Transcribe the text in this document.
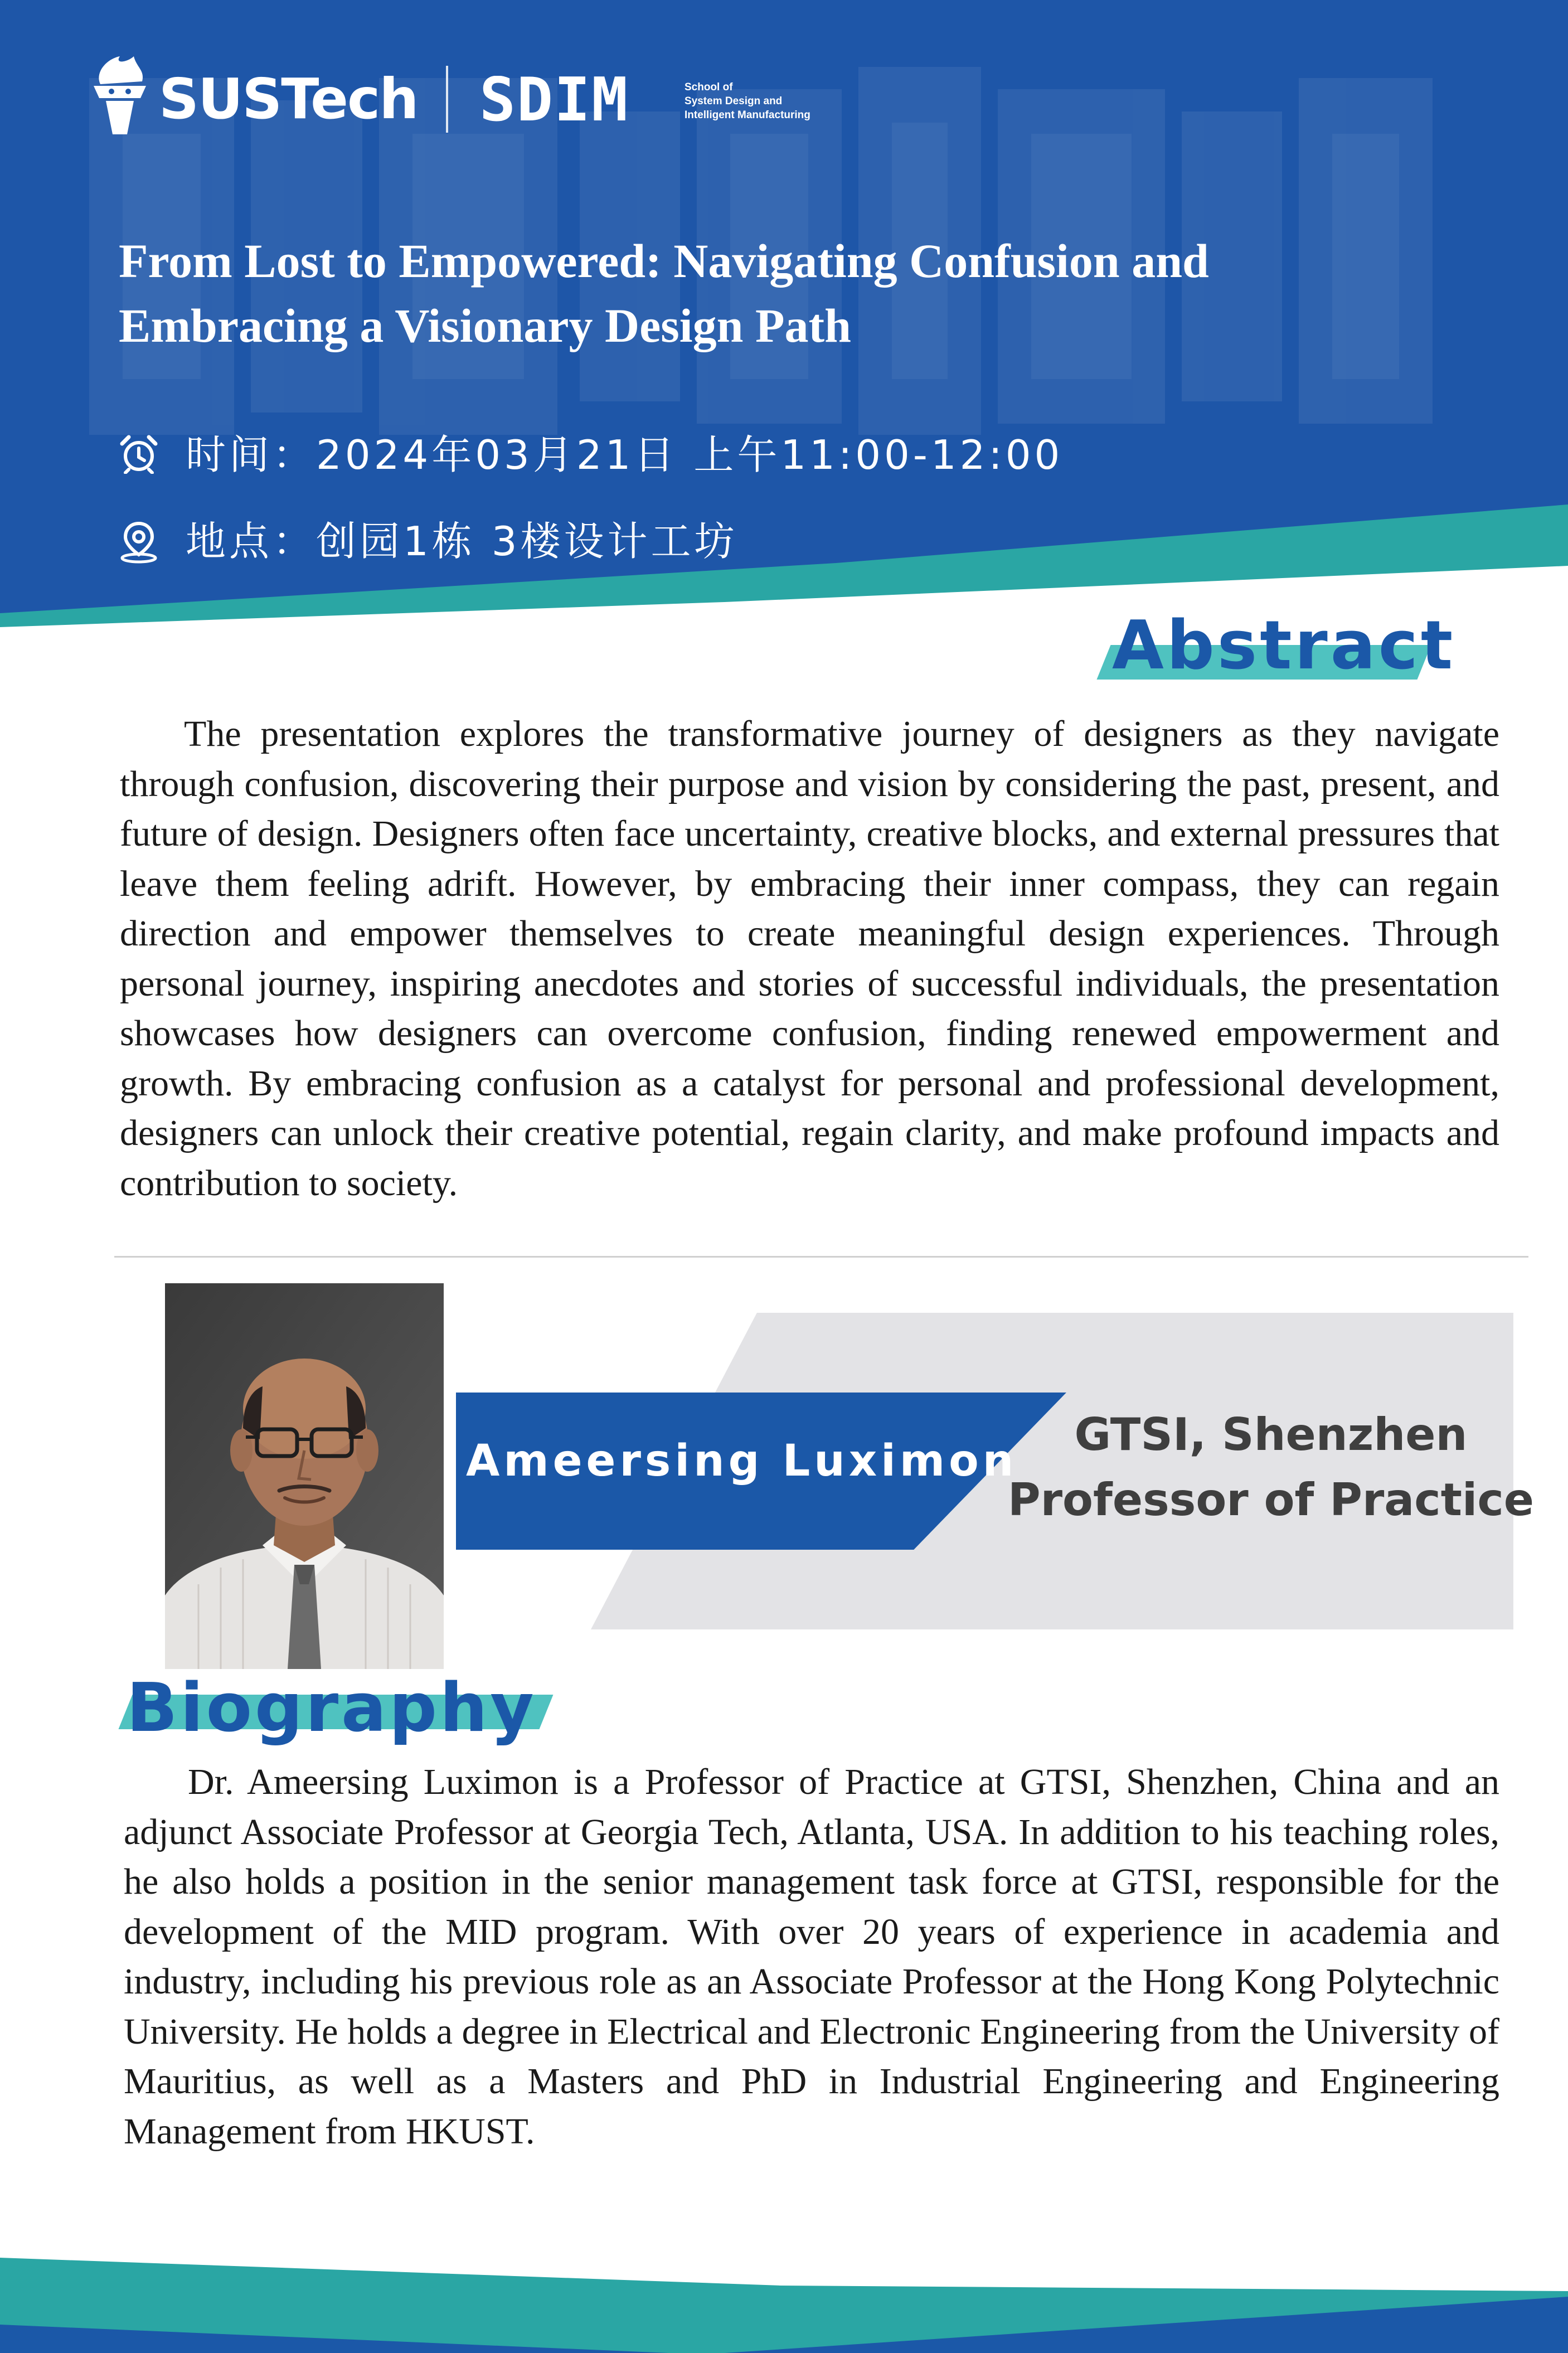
SUSTech SDIM	School of
System Design and
Intelligent Manufacturing
From Lost to Empowered: Navigating Confusion and
Embracing a Visionary Design Path
时间：2024年03月21日 上午11:00-12:00
地点：创园1栋 3楼设计工坊
Abstract
The presentation explores the transformative journey of designers as they navigate through confusion, discovering their purpose and vision by considering the past, present, and future of design. Designers often face uncertainty, creative blocks, and external pressures that leave them feeling adrift. However, by embracing their inner compass, they can regain direction and empower themselves to create meaningful design experiences. Through personal journey, inspiring anecdotes and stories of successful individuals, the presentation showcases how designers can overcome confusion, finding renewed empowerment and growth. By embracing confusion as a catalyst for personal and professional development, designers can unlock their creative potential, regain clarity, and make profound impacts and contribution to society.
Ameersing Luximon
GTSI, Shenzhen
Professor of Practice
Biography
Dr. Ameersing Luximon is a Professor of Practice at GTSI, Shenzhen, China and an adjunct Associate Professor at Georgia Tech, Atlanta, USA. In addition to his teaching roles, he also holds a position in the senior management task force at GTSI, responsible for the development of the MID program. With over 20 years of experience in academia and industry, including his previous role as an Associate Professor at the Hong Kong Polytechnic University. He holds a degree in Electrical and Electronic Engineering from the University of Mauritius, as well as a Masters and PhD in Industrial Engineering and Engineering Management from HKUST.
